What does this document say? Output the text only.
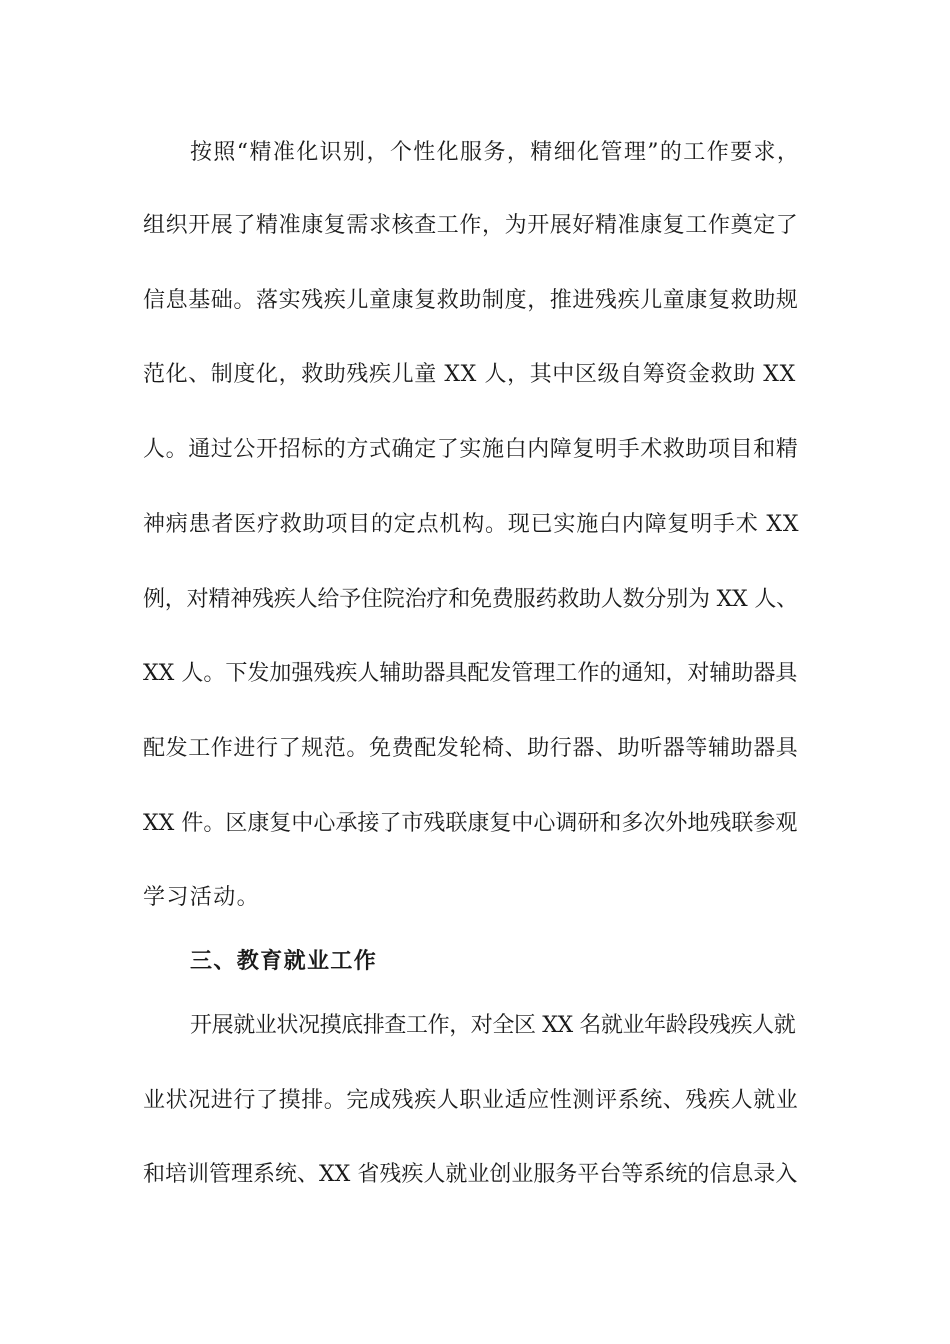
按照“精准化识别，个性化服务，精细化管理”的工作要求，
组织开展了精准康复需求核查工作，为开展好精准康复工作奠定了
信息基础。落实残疾儿童康复救助制度，推进残疾儿童康复救助规
范化、制度化，救助残疾儿童 XX 人，其中区级自筹资金救助 XX
人。通过公开招标的方式确定了实施白内障复明手术救助项目和精
神病患者医疗救助项目的定点机构。现已实施白内障复明手术 XX
例，对精神残疾人给予住院治疗和免费服药救助人数分别为 XX 人、
XX 人。下发加强残疾人辅助器具配发管理工作的通知，对辅助器具
配发工作进行了规范。免费配发轮椅、助行器、助听器等辅助器具
XX 件。区康复中心承接了市残联康复中心调研和多次外地残联参观
学习活动。
三、教育就业工作
开展就业状况摸底排查工作，对全区 XX 名就业年龄段残疾人就
业状况进行了摸排。完成残疾人职业适应性测评系统、残疾人就业
和培训管理系统、XX 省残疾人就业创业服务平台等系统的信息录入
